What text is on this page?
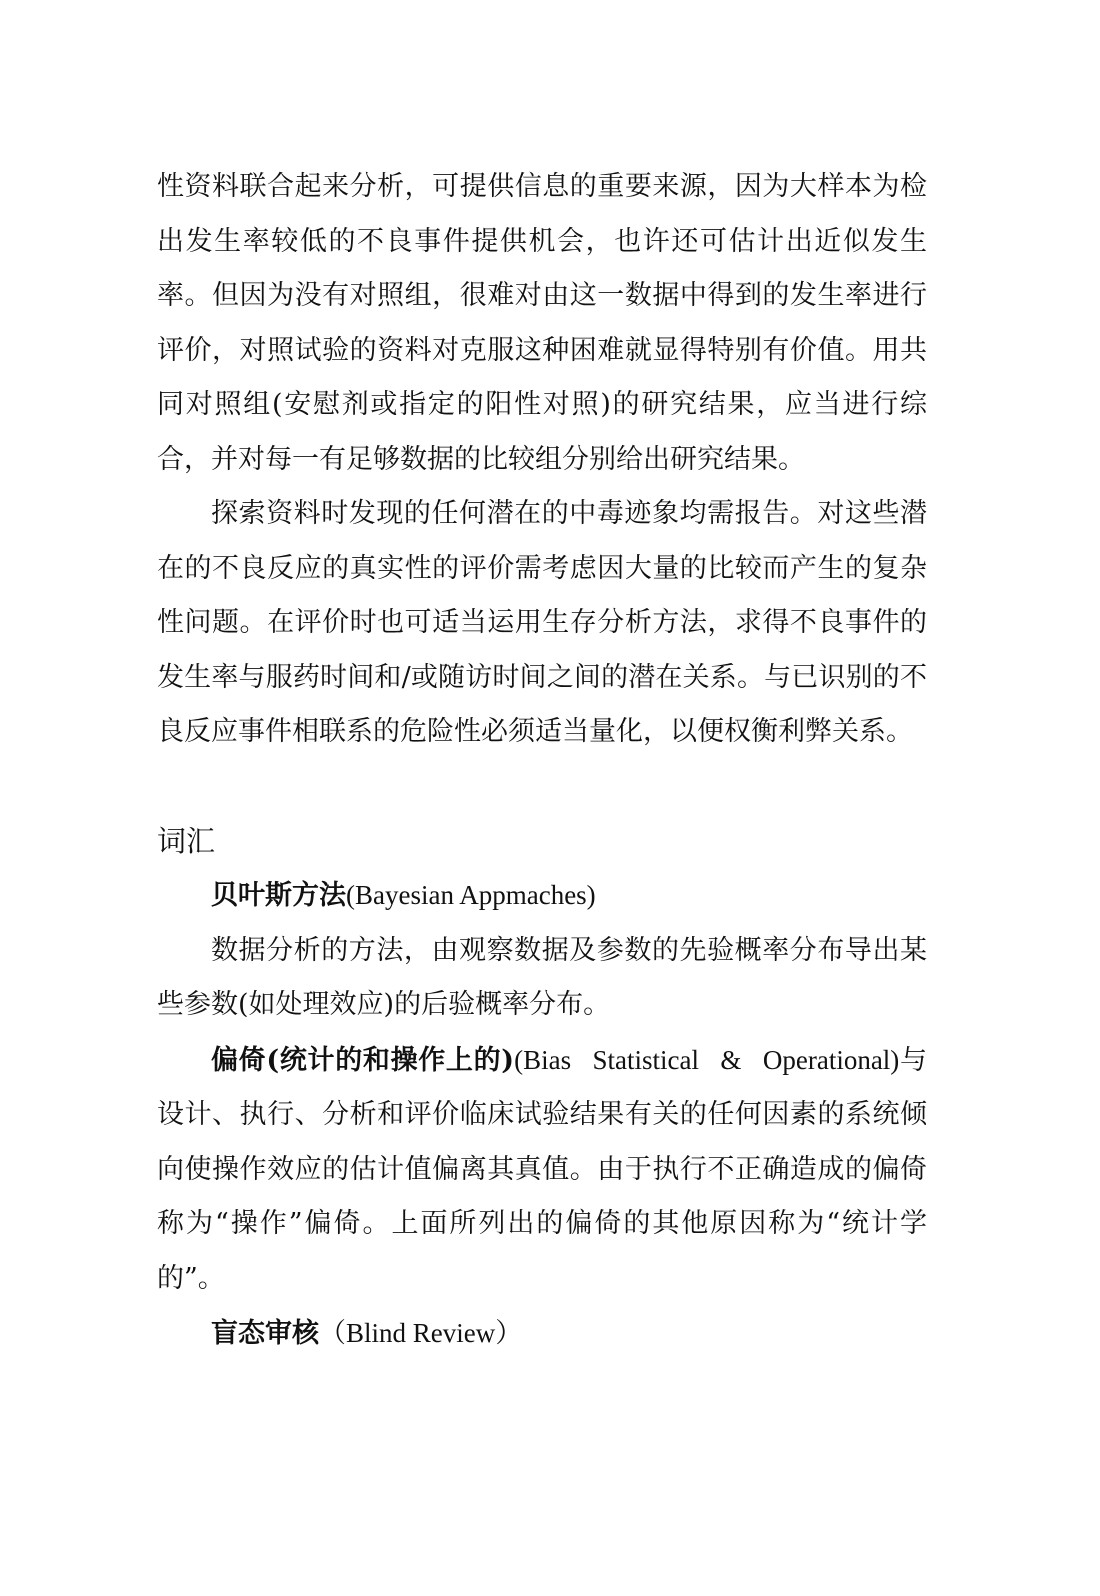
性资料联合起来分析，可提供信息的重要来源，因为大样本为检出发生率较低的不良事件提供机会，也许还可估计出近似发生率。但因为没有对照组，很难对由这一数据中得到的发生率进行评价，对照试验的资料对克服这种困难就显得特别有价值。用共同对照组(安慰剂或指定的阳性对照)的研究结果，应当进行综合，并对每一有足够数据的比较组分别给出研究结果。

探索资料时发现的任何潜在的中毒迹象均需报告。对这些潜在的不良反应的真实性的评价需考虑因大量的比较而产生的复杂性问题。在评价时也可适当运用生存分析方法，求得不良事件的发生率与服药时间和/或随访时间之间的潜在关系。与已识别的不良反应事件相联系的危险性必须适当量化，以便权衡利弊关系。

词汇

贝叶斯方法(Bayesian Appmaches)

数据分析的方法，由观察数据及参数的先验概率分布导出某些参数(如处理效应)的后验概率分布。

偏倚(统计的和操作上的)(Bias Statistical & Operational)与设计、执行、分析和评价临床试验结果有关的任何因素的系统倾向使操作效应的估计值偏离其真值。由于执行不正确造成的偏倚称为“操作”偏倚。上面所列出的偏倚的其他原因称为“统计学的”。

盲态审核（Blind Review）
